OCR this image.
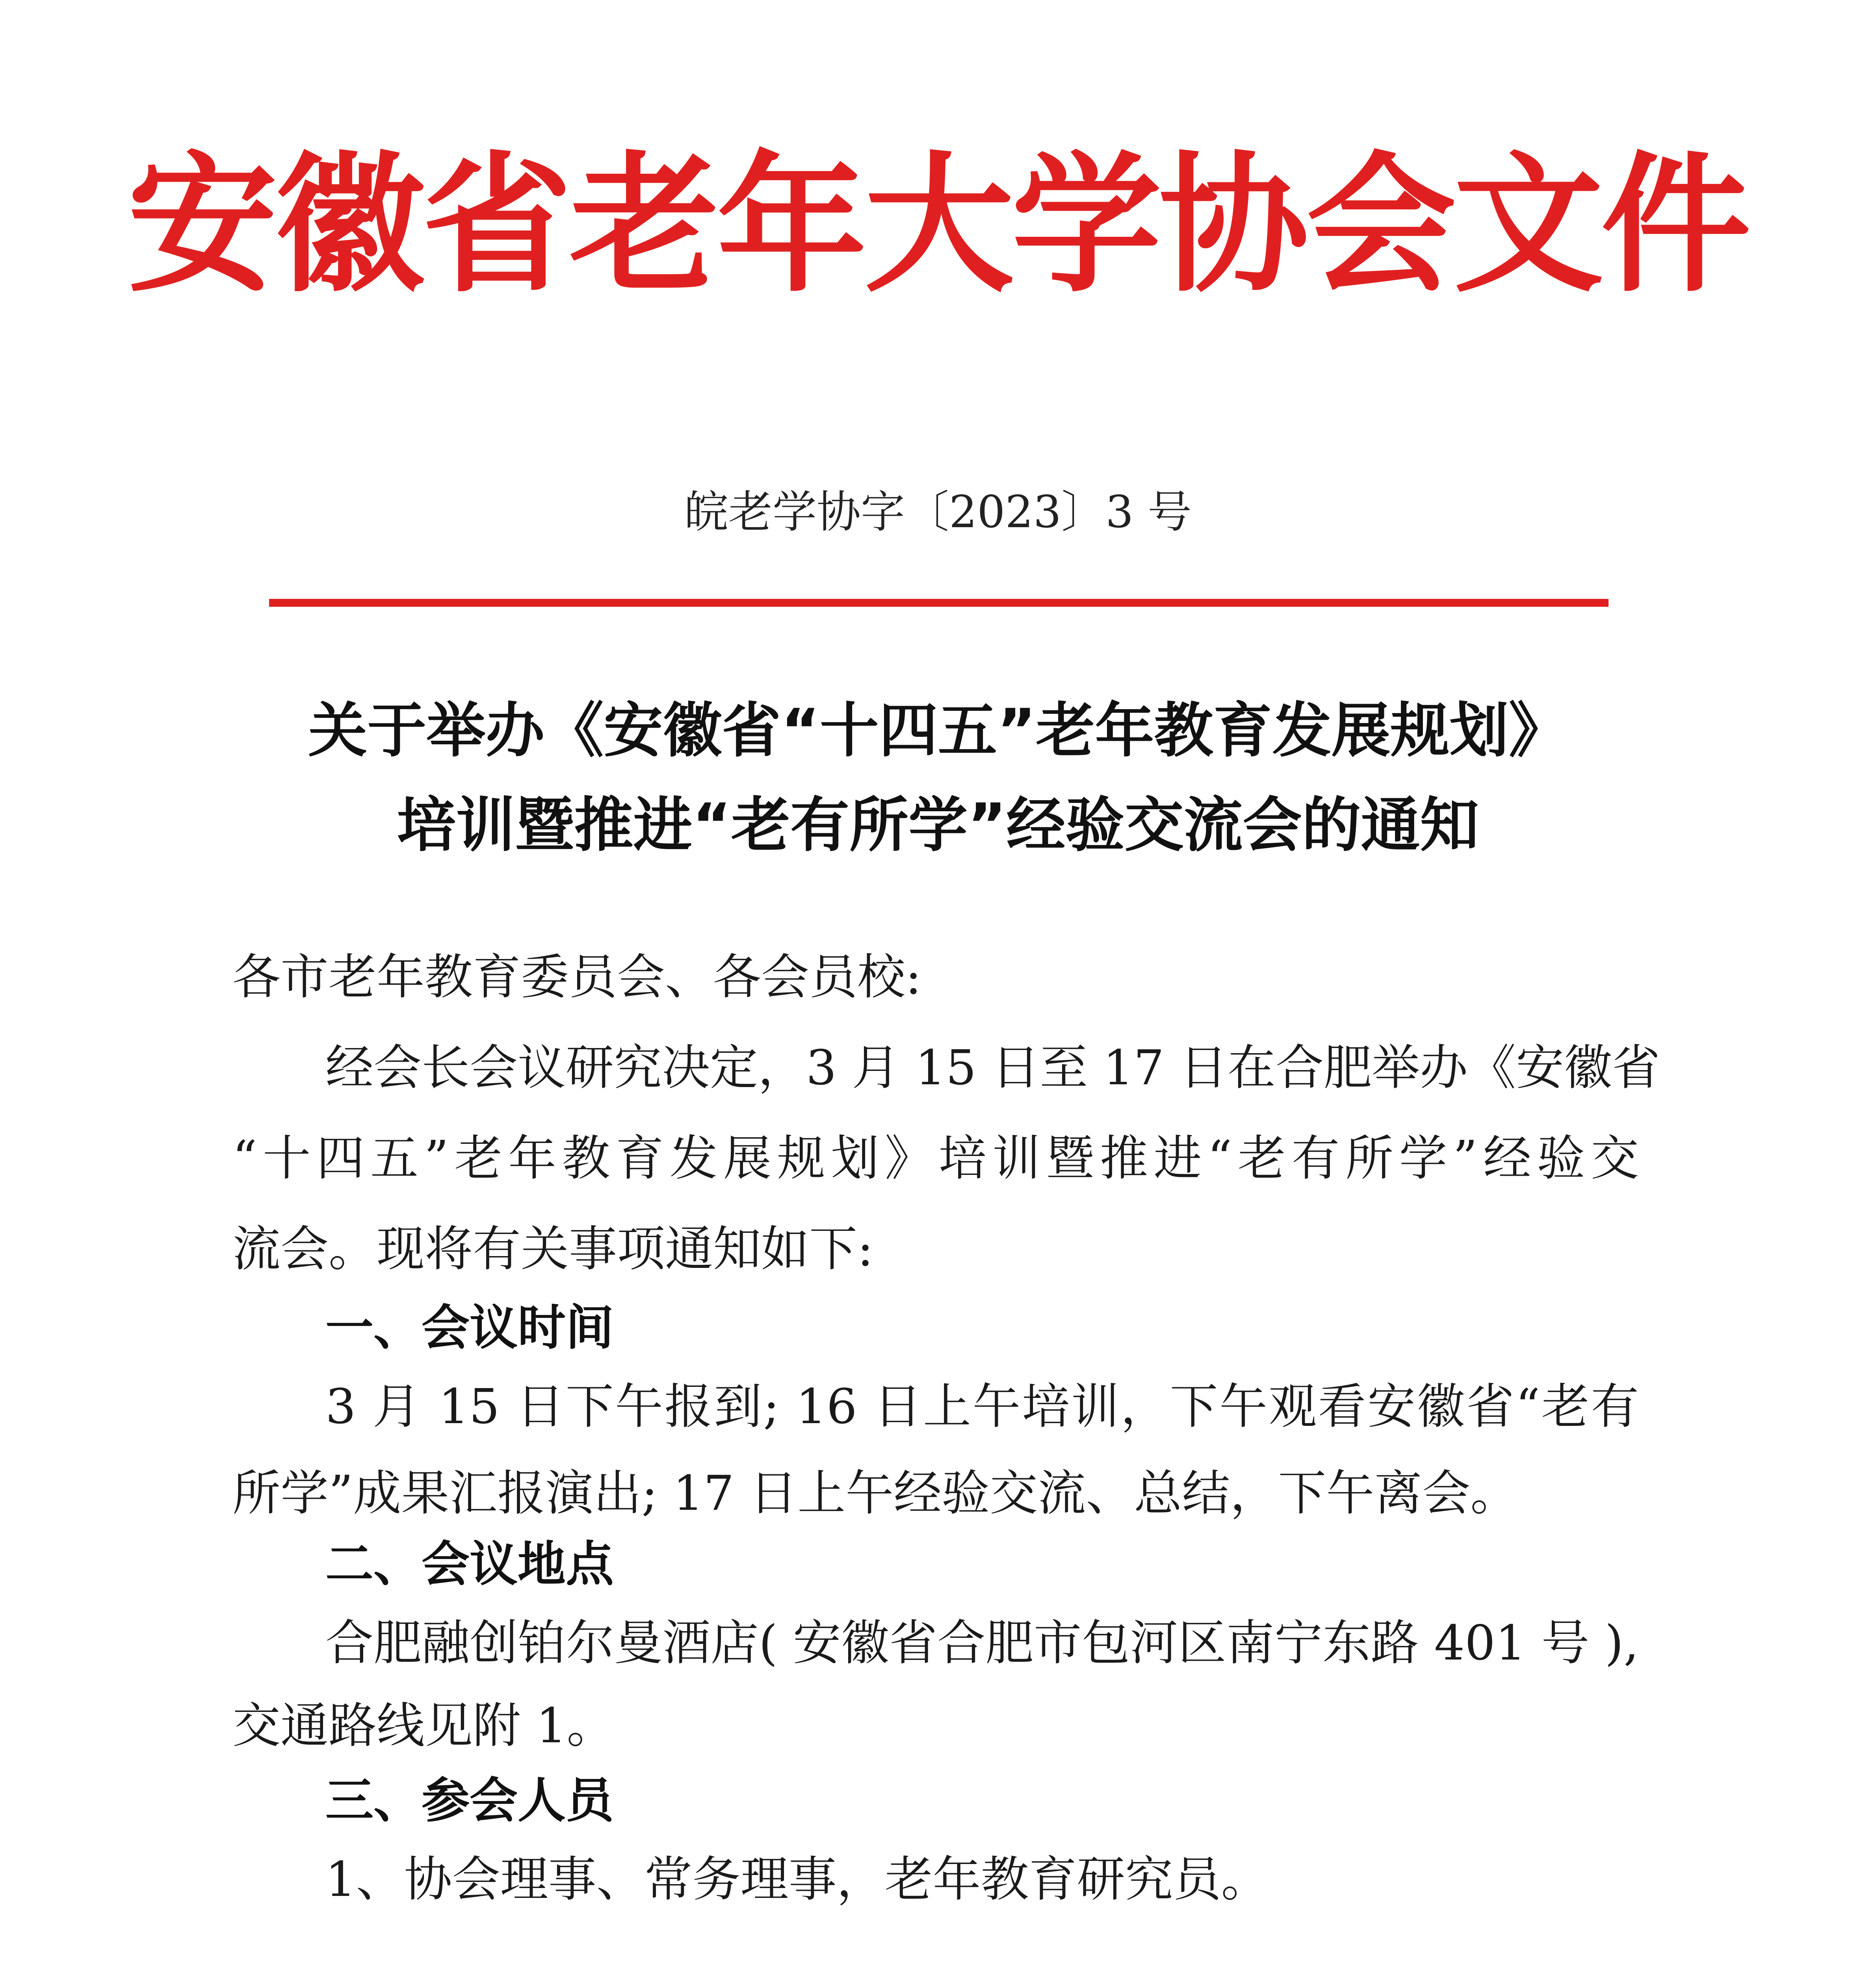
安徽省老年大学协会文件
皖老学协字〔2023〕3 号
关于举办《安徽省“十四五”老年教育发展规划》
培训暨推进“老有所学”经验交流会的通知
各市老年教育委员会、各会员校:
经会长会议研究决定，3 月 15 日至 17 日在合肥举办《安徽省
“十四五”老年教育发展规划》培训暨推进“老有所学”经验交
流会。现将有关事项通知如下:
一、会议时间
3 月 15 日下午报到; 16 日上午培训，下午观看安徽省“老有
所学”成果汇报演出; 17 日上午经验交流、总结，下午离会。
二、会议地点
合肥融创铂尔曼酒店( 安徽省合肥市包河区南宁东路 401 号 ),
交通路线见附 1。
三、参会人员
1、协会理事、常务理事，老年教育研究员。
